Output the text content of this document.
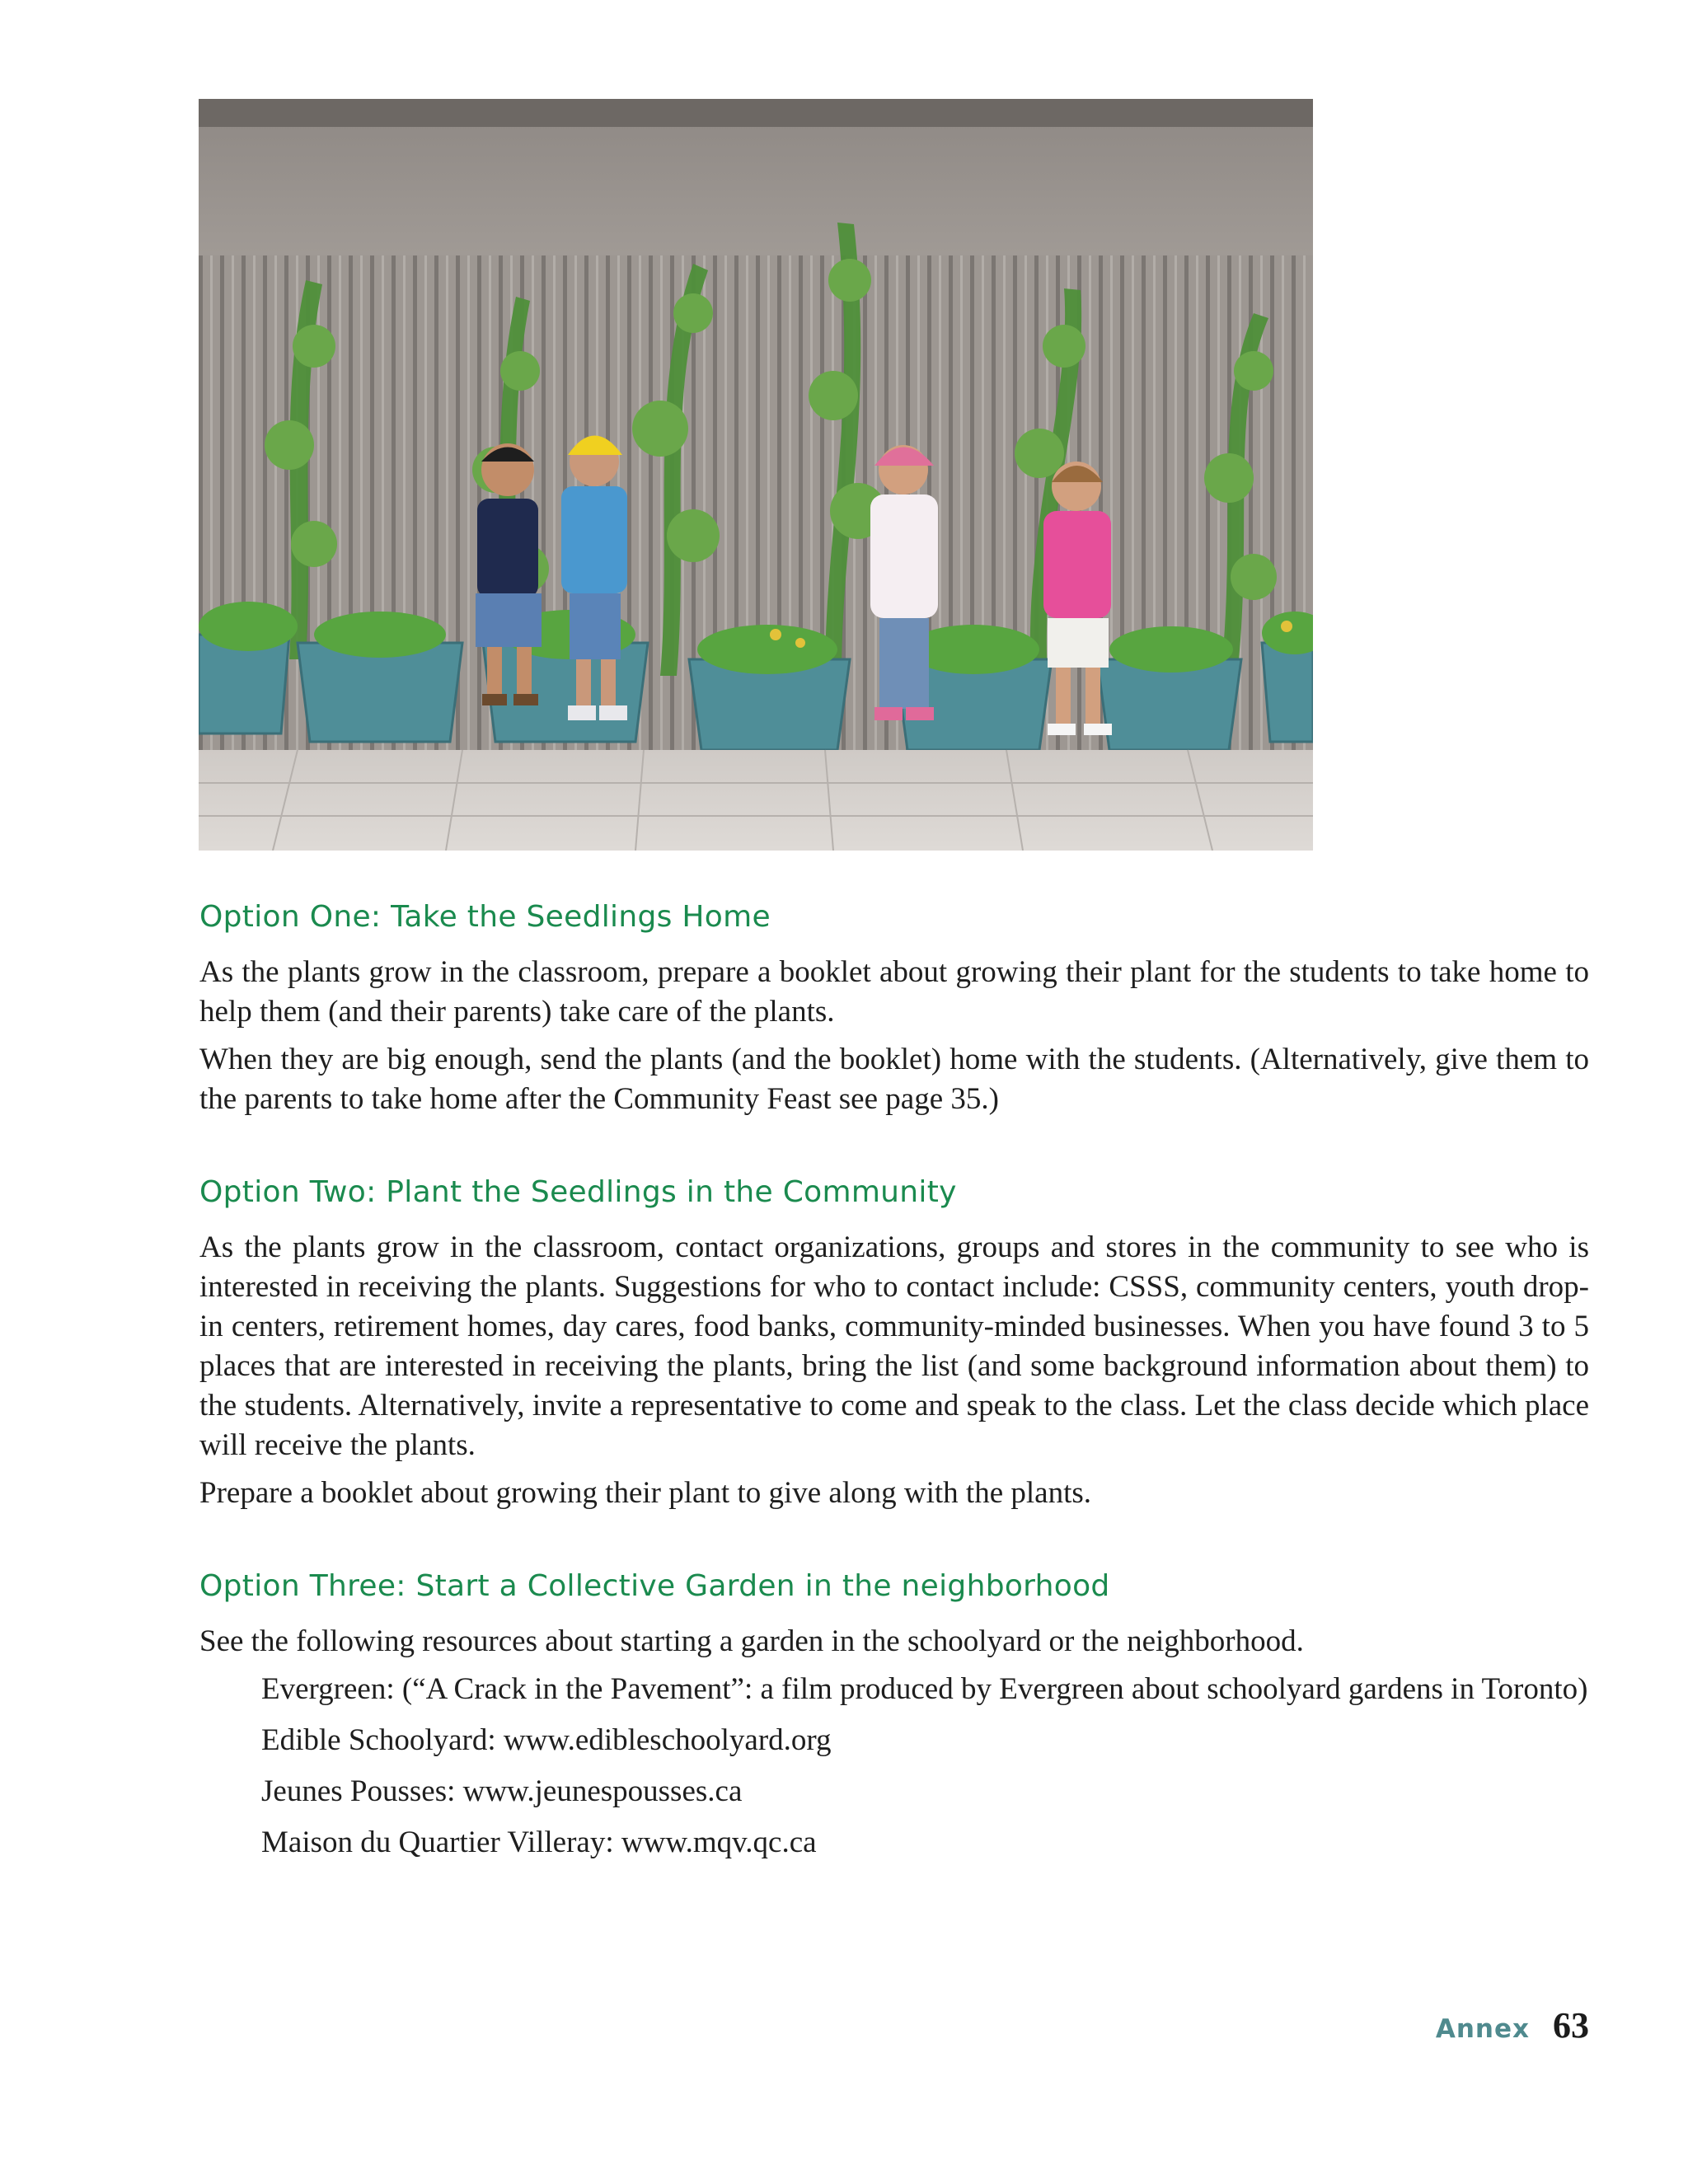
Option One: Take the Seedlings Home

As the plants grow in the classroom, prepare a booklet about growing their plant for the students to take home to help them (and their parents) take care of the plants.

When they are big enough, send the plants (and the booklet) home with the students. (Alternatively, give them to the parents to take home after the Community Feast see page 35.)

Option Two: Plant the Seedlings in the Community

As the plants grow in the classroom, contact organizations, groups and stores in the community to see who is interested in receiving the plants. Suggestions for who to contact include: CSSS, community centers, youth drop-in centers, retirement homes, day cares, food banks, community-minded businesses. When you have found 3 to 5 places that are interested in receiving the plants, bring the list (and some background information about them) to the students. Alternatively, invite a representative to come and speak to the class. Let the class decide which place will receive the plants.

Prepare a booklet about growing their plant to give along with the plants.

Option Three: Start a Collective Garden in the neighborhood

See the following resources about starting a garden in the schoolyard or the neighborhood.

Evergreen: (“A Crack in the Pavement”: a film produced by Evergreen about schoolyard gardens in Toronto)
Edible Schoolyard: www.edibleschoolyard.org
Jeunes Pousses: www.jeunespousses.ca
Maison du Quartier Villeray: www.mqv.qc.ca
Annex 63
